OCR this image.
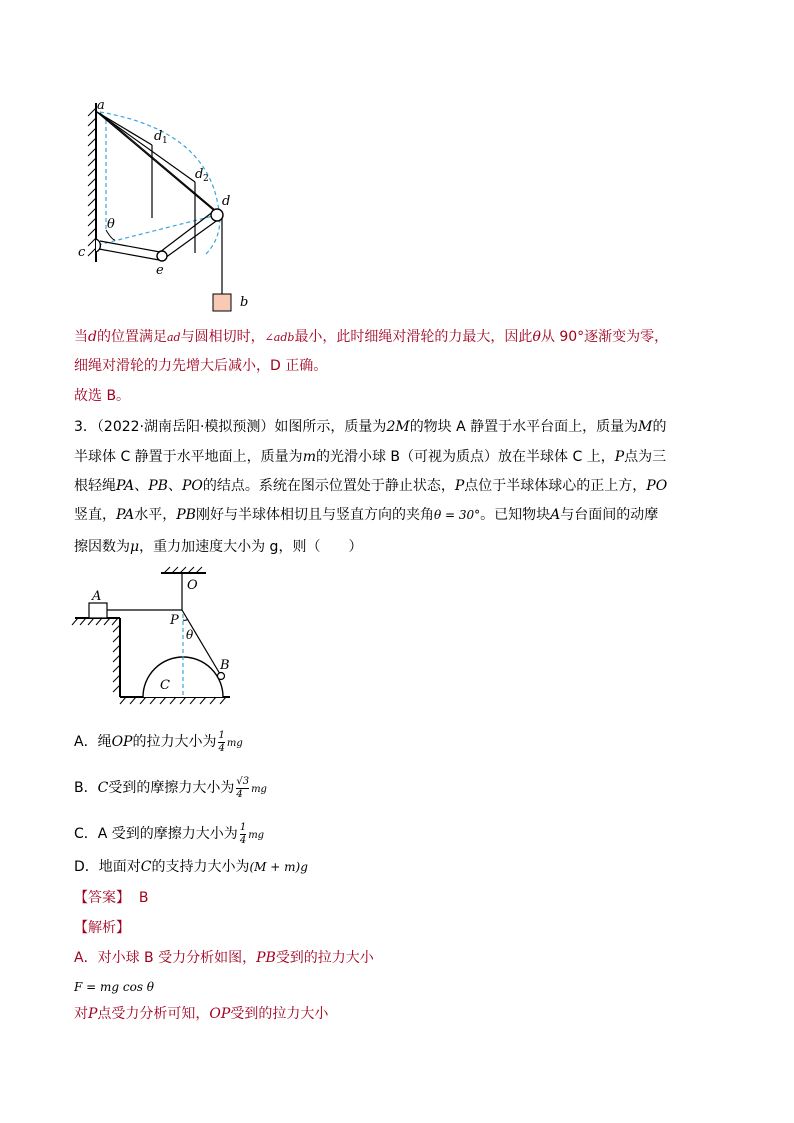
a
d 1
d 2
d
θ
c
e
b
当d的位置满足ad与圆相切时，∠adb最小，此时细绳对滑轮的力最大，因此θ从 90°逐渐变为零，
细绳对滑轮的力先增大后减小，D 正确。
故选 B。
3．（2022·湖南岳阳·模拟预测）如图所示，质量为2M的物块 A 静置于水平台面上，质量为M的
半球体 C 静置于水平地面上，质量为m的光滑小球 B（可视为质点）放在半球体 C 上，P点为三
根轻绳PA、PB、PO的结点。系统在图示位置处于静止状态，P点位于半球体球心的正上方，PO
竖直，PA水平，PB刚好与半球体相切且与竖直方向的夹角θ = 30°。已知物块A与台面间的动摩
擦因数为μ，重力加速度大小为 g，则（　　）
O
A
P
θ
B
C
A．绳OP的拉力大小为 $\frac{1}{4}$ mg
B．C受到的摩擦力大小为 $\frac{√3}{4}$ mg
C．A 受到的摩擦力大小为 $\frac{1}{4}$ mg
D．地面对C的支持力大小为(M + m)g
【答案】 B
【解析】
A．对小球 B 受力分析如图，PB受到的拉力大小
F = mg cos θ
对P点受力分析可知，OP受到的拉力大小
